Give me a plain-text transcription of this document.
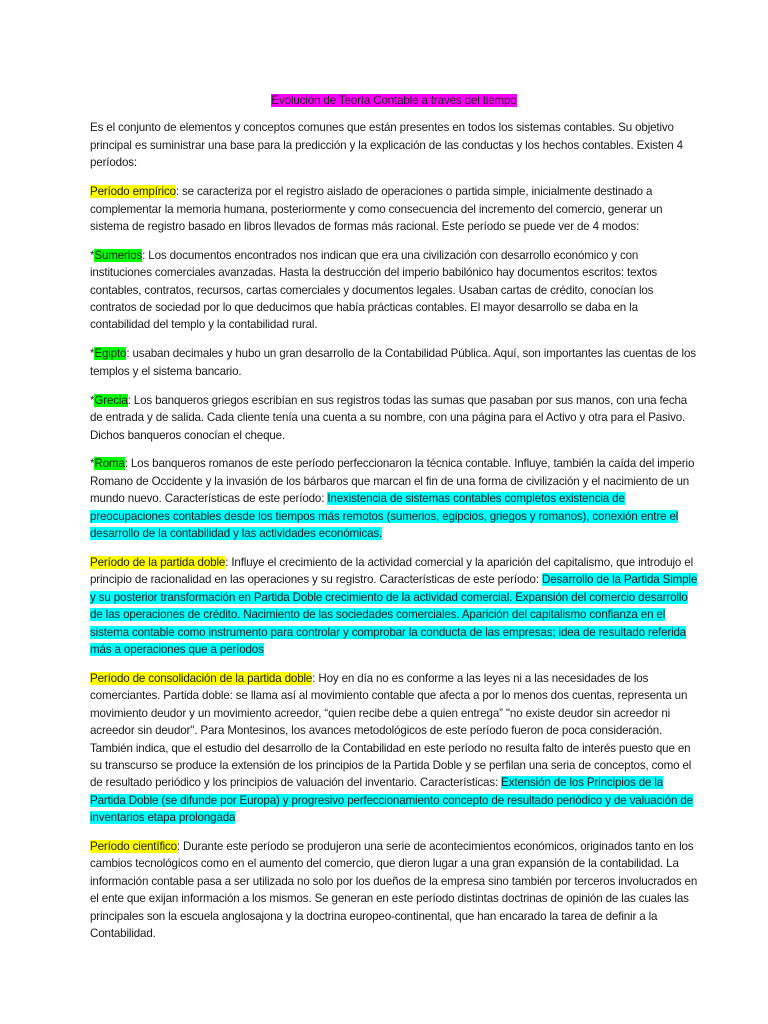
Evolución de Teoría Contable a través del tiempo

Es el conjunto de elementos y conceptos comunes que están presentes en todos los sistemas contables. Su objetivo principal es suministrar una base para la predicción y la explicación de las conductas y los hechos contables. Existen 4 períodos:

Período empírico: se caracteriza por el registro aislado de operaciones o partida simple, inicialmente destinado a complementar la memoria humana, posteriormente y como consecuencia del incremento del comercio, generar un sistema de registro basado en libros llevados de formas más racional. Este período se puede ver de 4 modos:

*Sumerios: Los documentos encontrados nos indican que era una civilización con desarrollo económico y con instituciones comerciales avanzadas. Hasta la destrucción del imperio babilónico hay documentos escritos: textos contables, contratos, recursos, cartas comerciales y documentos legales. Usaban cartas de crédito, conocían los contratos de sociedad por lo que deducimos que había prácticas contables. El mayor desarrollo se daba en la contabilidad del templo y la contabilidad rural.

*Egipto: usaban decimales y hubo un gran desarrollo de la Contabilidad Pública. Aquí, son importantes las cuentas de los templos y el sistema bancario.

*Grecia: Los banqueros griegos escribían en sus registros todas las sumas que pasaban por sus manos, con una fecha de entrada y de salida. Cada cliente tenía una cuenta a su nombre, con una página para el Activo y otra para el Pasivo. Dichos banqueros conocían el cheque.

*Roma: Los banqueros romanos de este período perfeccionaron la técnica contable. Influye, también la caída del imperio Romano de Occidente y la invasión de los bárbaros que marcan el fin de una forma de civilización y el nacimiento de un mundo nuevo. Características de este período: Inexistencia de sistemas contables completos existencia de preocupaciones contables desde los tiempos más remotos (sumerios, egipcios, griegos y romanos), conexión entre el desarrollo de la contabilidad y las actividades económicas.

Período de la partida doble: Influye el crecimiento de la actividad comercial y la aparición del capitalismo, que introdujo el principio de racionalidad en las operaciones y su registro. Características de este período: Desarrollo de la Partida Simple y su posterior transformación en Partida Doble crecimiento de la actividad comercial. Expansión del comercio desarrollo de las operaciones de crédito. Nacimiento de las sociedades comerciales. Aparición del capitalismo confianza en el sistema contable como instrumento para controlar y comprobar la conducta de las empresas; idea de resultado referida más a operaciones que a períodos

Período de consolidación de la partida doble: Hoy en día no es conforme a las leyes ni a las necesidades de los comerciantes. Partida doble: se llama así al movimiento contable que afecta a por lo menos dos cuentas, representa un movimiento deudor y un movimiento acreedor, “quien recibe debe a quien entrega” "no existe deudor sin acreedor ni acreedor sin deudor". Para Montesinos, los avances metodológicos de este período fueron de poca consideración. También indica, que el estudio del desarrollo de la Contabilidad en este período no resulta falto de interés puesto que en su transcurso se produce la extensión de los principios de la Partida Doble y se perfilan una seria de conceptos, como el de resultado periódico y los principios de valuación del inventario. Características: Extensión de los Principios de la Partida Doble (se difunde por Europa) y progresivo perfeccionamiento concepto de resultado periódico y de valuación de inventarios etapa prolongada

Período científico: Durante este período se produjeron una serie de acontecimientos económicos, originados tanto en los cambios tecnológicos como en el aumento del comercio, que dieron lugar a una gran expansión de la contabilidad. La información contable pasa a ser utilizada no solo por los dueños de la empresa sino también por terceros involucrados en el ente que exijan información a los mismos. Se generan en este período distintas doctrinas de opinión de las cuales las principales son la escuela anglosajona y la doctrina europeo-continental, que han encarado la tarea de definir a la Contabilidad.
